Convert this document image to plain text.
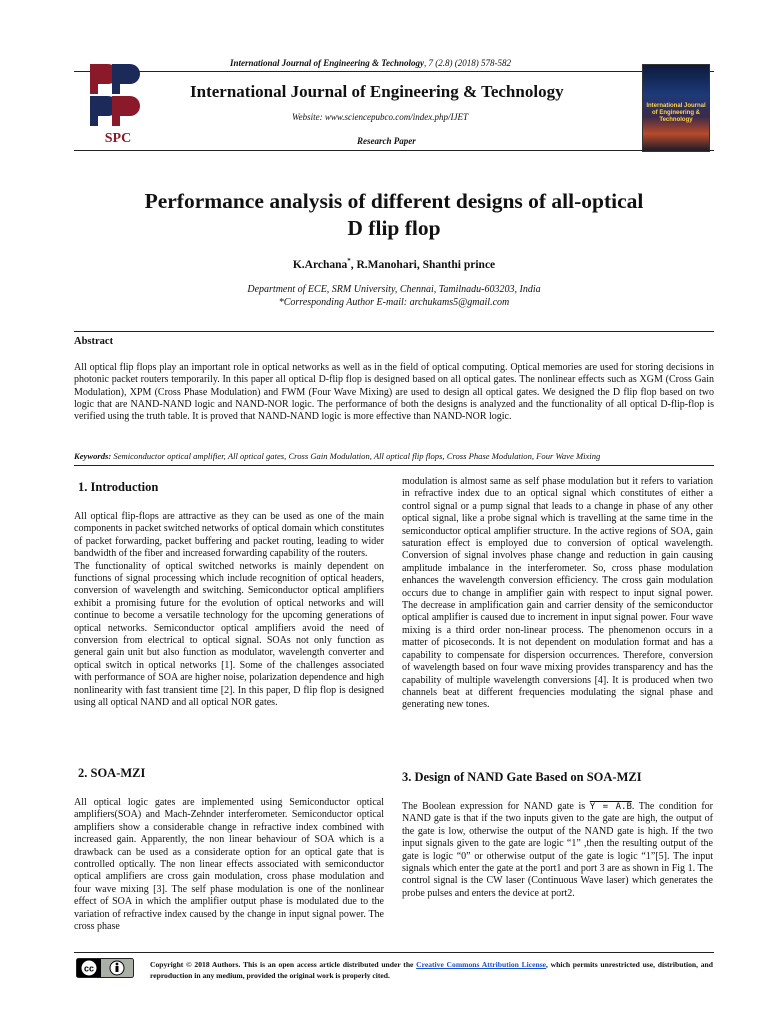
International Journal of Engineering & Technology, 7 (2.8) (2018) 578-582
SPC
International Journal of Engineering & Technology
Website: www.sciencepubco.com/index.php/IJET
Research Paper
International Journal of Engineering & Technology
Performance analysis of different designs of all-optical
D flip flop
K.Archana*, R.Manohari, Shanthi prince
Department of ECE, SRM University, Chennai, Tamilnadu-603203, India
*Corresponding Author E-mail: archukams5@gmail.com
Abstract
All optical flip flops play an important role in optical networks as well as in the field of optical computing. Optical memories are used for storing decisions in photonic packet routers temporarily. In this paper all optical D-flip flop is designed based on all optical gates. The nonlinear effects such as XGM (Cross Gain Modulation), XPM (Cross Phase Modulation) and FWM (Four Wave Mixing) are used to design all optical gates. We designed the D flip flop based on two logic that are NAND-NAND logic and NAND-NOR logic. The performance of both the designs is analyzed and the functionality of all optical D-flip-flop is verified using the truth table. It is proved that NAND-NAND logic is more effective than NAND-NOR logic.
Keywords: Semiconductor optical amplifier, All optical gates, Cross Gain Modulation, All optical flip flops, Cross Phase Modulation, Four Wave Mixing
1. Introduction

All optical flip-flops are attractive as they can be used as one of the main components in packet switched networks of optical domain which constitutes of packet forwarding, packet buffering and packet routing, leading to wider bandwidth of the fiber and increased forwarding capability of the routers.

The functionality of optical switched networks is mainly dependent on functions of signal processing which include recognition of optical headers, conversion of wavelength and switching. Semiconductor optical amplifiers exhibit a promising future for the evolution of optical networks and will continue to become a versatile technology for the upcoming generations of optical networks. Semiconductor optical amplifiers avoid the need of conversion from electrical to optical signal. SOAs not only function as general gain unit but also function as modulator, wavelength converter and optical switch in optical networks [1]. Some of the challenges associated with performance of SOA are higher noise, polarization dependence and high nonlinearity with fast transient time [2]. In this paper, D flip flop is designed using all optical NAND and all optical NOR gates.

2. SOA-MZI

All optical logic gates are implemented using Semiconductor optical amplifiers(SOA) and Mach-Zehnder interferometer. Semiconductor optical amplifiers show a considerable change in refractive index combined with increased gain. Apparently, the non linear behaviour of SOA which is a drawback can be used as a considerate option for an optical gate that is controlled optically. The non linear effects associated with semiconductor optical amplifiers are cross gain modulation, cross phase modulation and four wave mixing [3]. The self phase modulation is one of the nonlinear effect of SOA in which the amplifier output phase is modulated due to the variation of refractive index caused by the change in input signal power. The cross phase

modulation is almost same as self phase modulation but it refers to variation in refractive index due to an optical signal which constitutes of either a control signal or a pump signal that leads to a change in phase of any other optical signal, like a probe signal which is travelling at the same time in the semiconductor optical amplifier structure. In the active regions of SOA, gain saturation effect is employed due to conversion of optical wavelength. Conversion of signal involves phase change and reduction in gain causing amplitude imbalance in the interferometer. So, cross phase modulation enhances the wavelength conversion efficiency. The cross gain modulation occurs due to change in amplifier gain with respect to input signal power. The decrease in amplification gain and carrier density of the semiconductor optical amplifier is caused due to increment in input signal power. Four wave mixing is a third order non-linear process. The phenomenon occurs in a matter of picoseconds. It is not dependent on modulation format and has a capability to compensate for dispersion occurrences. Therefore, conversion of wavelength based on four wave mixing provides transparency and has the capability of multiple wavelength conversions [4]. It is produced when two channels beat at different frequencies modulating the signal phase and generating new tones.

3. Design of NAND Gate Based on SOA-MZI

The Boolean expression for NAND gate is Y = A.B. The condition for NAND gate is that if the two inputs given to the gate are high, the output of the gate is low, otherwise the output of the NAND gate is high. If the two input signals given to the gate are logic “1” ,then the resulting output of the gate is logic “0” or otherwise output of the gate is logic “1”[5]. The input signals which enter the gate at the port1 and port 3 are as shown in Fig 1. The control signal is the CW laser (Continuous Wave laser) which generates the probe pulses and enters the device at port2.

cc	Copyright © 2018 Authors. This is an open access article distributed under the Creative Commons Attribution License, which permits unrestricted use, distribution, and reproduction in any medium, provided the original work is properly cited.
